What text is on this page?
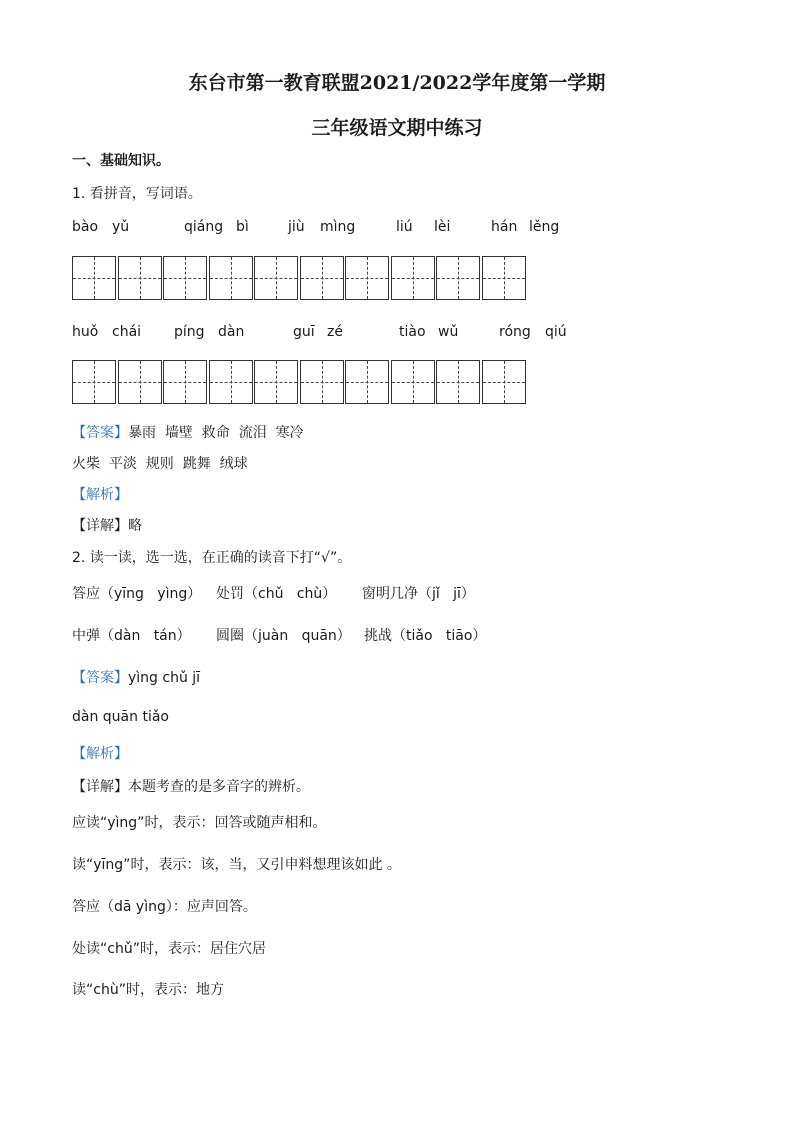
东台市第一教育联盟2021/2022学年度第一学期
三年级语文期中练习
一、基础知识。
1. 看拼音，写词语。
bào yǔ	qiáng bì	jiù mìng	liú lèi	hán lěng
huǒ chái píng dàn	guī zé	tiào wǔ	róng qiú
【答案】暴雨  墙壁  救命  流泪  寒冷
火柴  平淡  规则  跳舞  绒球
【解析】
【详解】略
2. 读一读，选一选，在正确的读音下打“√”。
答应（yīng   yìng） 处罚（chǔ   chù） 窗明几净（jǐ   jī）
中弹（dàn   tán） 圆圈（juàn   quān） 挑战（tiǎo   tiāo）
【答案】yìng chǔ jī
dàn quān tiǎo
【解析】
【详解】本题考查的是多音字的辨析。
应读“yìng”时，表示：回答或随声相和。
读“yīng”时，表示：该，当，又引申料想理该如此 。
答应（dā yìng）：应声回答。
处读“chǔ”时，表示：居住穴居
读“chù”时，表示：地方
